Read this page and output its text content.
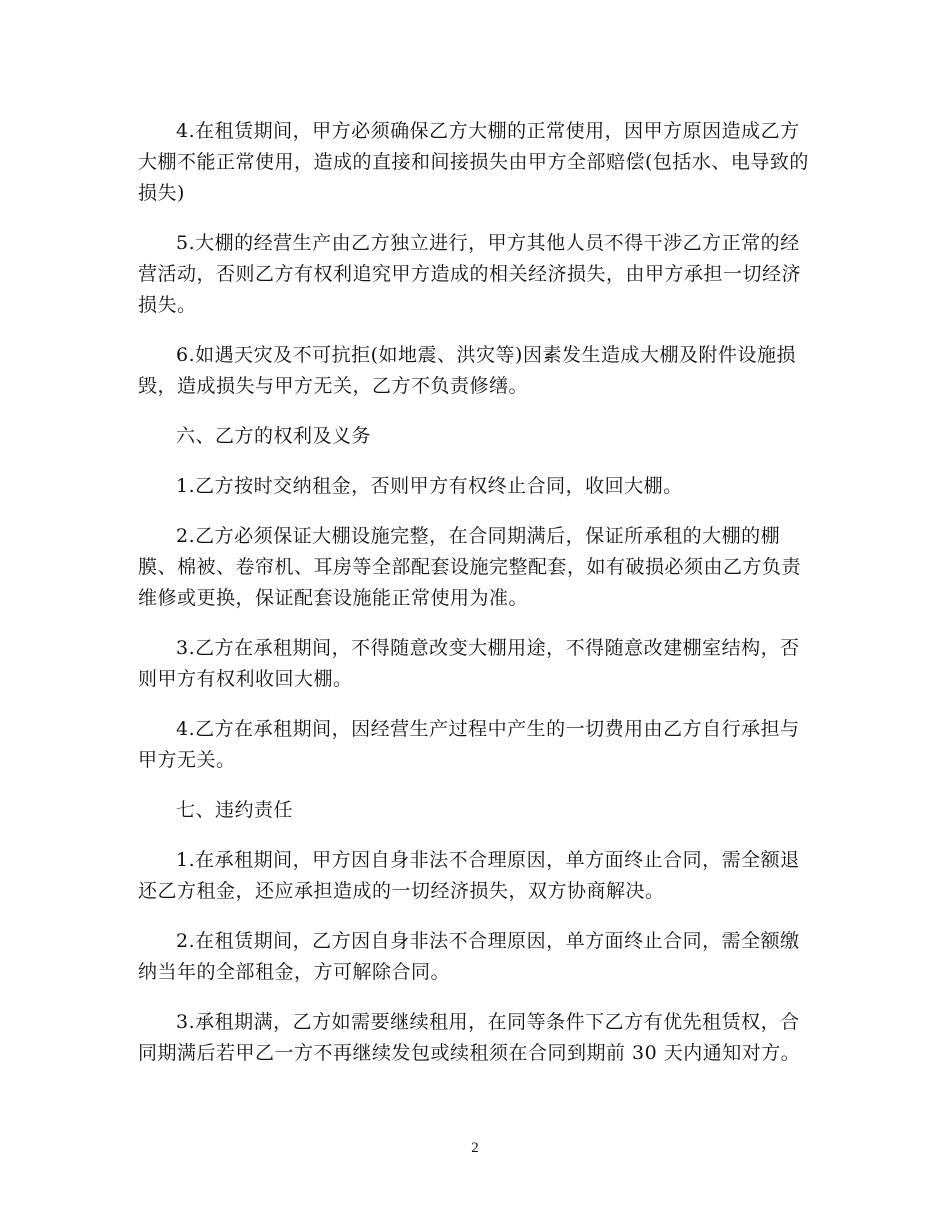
4.在租赁期间，甲方必须确保乙方大棚的正常使用，因甲方原因造成乙方大棚不能正常使用，造成的直接和间接损失由甲方全部赔偿(包括水、电导致的损失)

5.大棚的经营生产由乙方独立进行，甲方其他人员不得干涉乙方正常的经营活动，否则乙方有权利追究甲方造成的相关经济损失，由甲方承担一切经济损失。

6.如遇天灾及不可抗拒(如地震、洪灾等)因素发生造成大棚及附件设施损毁，造成损失与甲方无关，乙方不负责修缮。

六、乙方的权利及义务

1.乙方按时交纳租金，否则甲方有权终止合同，收回大棚。

2.乙方必须保证大棚设施完整，在合同期满后，保证所承租的大棚的棚膜、棉被、卷帘机、耳房等全部配套设施完整配套，如有破损必须由乙方负责维修或更换，保证配套设施能正常使用为准。

3.乙方在承租期间，不得随意改变大棚用途，不得随意改建棚室结构，否则甲方有权利收回大棚。

4.乙方在承租期间，因经营生产过程中产生的一切费用由乙方自行承担与甲方无关。

七、违约责任

1.在承租期间，甲方因自身非法不合理原因，单方面终止合同，需全额退还乙方租金，还应承担造成的一切经济损失，双方协商解决。

2.在租赁期间，乙方因自身非法不合理原因，单方面终止合同，需全额缴纳当年的全部租金，方可解除合同。

3.承租期满，乙方如需要继续租用，在同等条件下乙方有优先租赁权，合同期满后若甲乙一方不再继续发包或续租须在合同到期前 30 天内通知对方。

2
